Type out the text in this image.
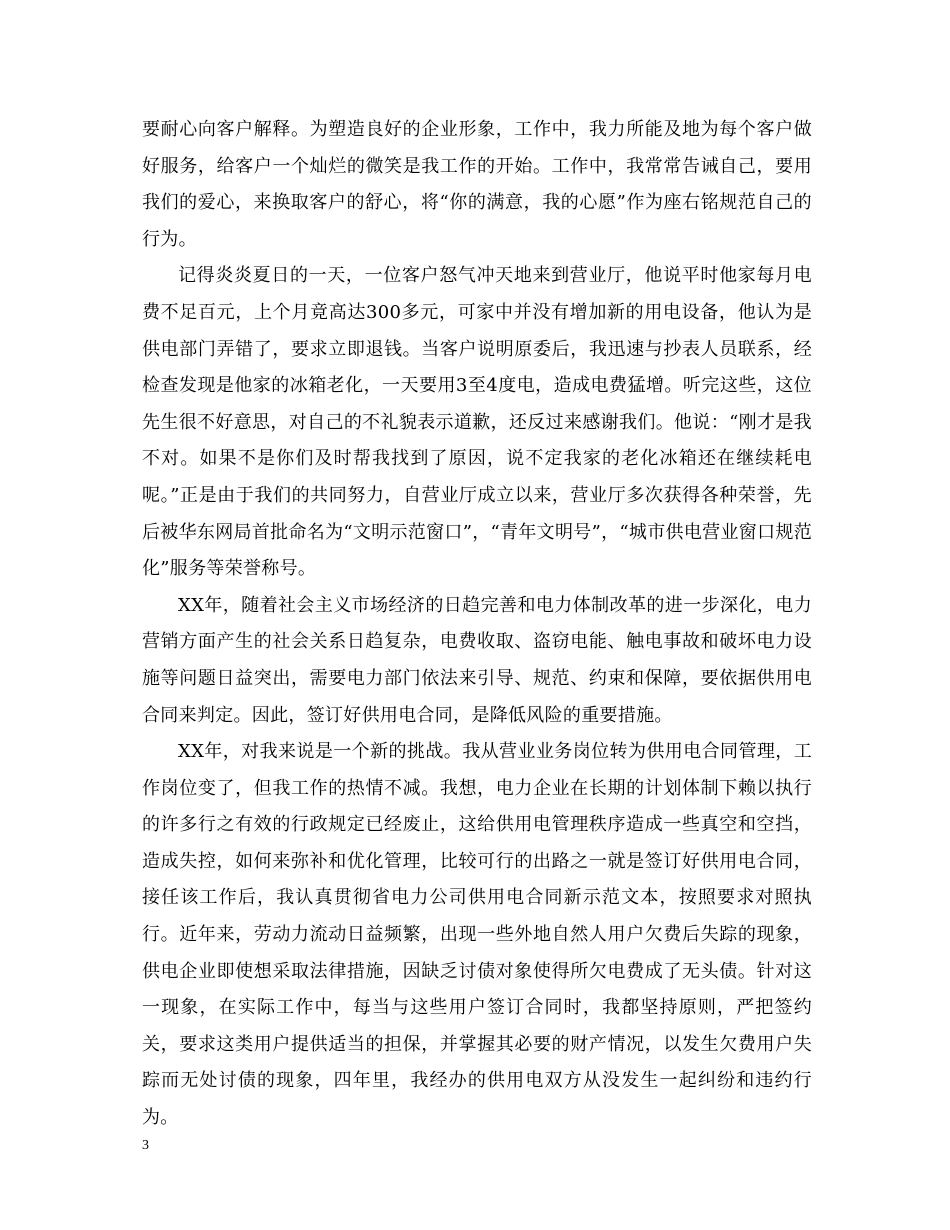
要耐心向客户解释。为塑造良好的企业形象，工作中，我力所能及地为每个客户做好服务，给客户一个灿烂的微笑是我工作的开始。工作中，我常常告诫自己，要用我们的爱心，来换取客户的舒心，将“你的满意，我的心愿”作为座右铭规范自己的行为。

记得炎炎夏日的一天，一位客户怒气冲天地来到营业厅，他说平时他家每月电费不足百元，上个月竟高达300多元，可家中并没有增加新的用电设备，他认为是供电部门弄错了，要求立即退钱。当客户说明原委后，我迅速与抄表人员联系，经检查发现是他家的冰箱老化，一天要用3至4度电，造成电费猛增。听完这些，这位先生很不好意思，对自己的不礼貌表示道歉，还反过来感谢我们。他说：“刚才是我不对。如果不是你们及时帮我找到了原因，说不定我家的老化冰箱还在继续耗电呢。”正是由于我们的共同努力，自营业厅成立以来，营业厅多次获得各种荣誉，先后被华东网局首批命名为“文明示范窗口”，“青年文明号”，“城市供电营业窗口规范化”服务等荣誉称号。

XX年，随着社会主义市场经济的日趋完善和电力体制改革的进一步深化，电力营销方面产生的社会关系日趋复杂，电费收取、盗窃电能、触电事故和破坏电力设施等问题日益突出，需要电力部门依法来引导、规范、约束和保障，要依据供用电合同来判定。因此，签订好供用电合同，是降低风险的重要措施。

XX年，对我来说是一个新的挑战。我从营业业务岗位转为供用电合同管理，工作岗位变了，但我工作的热情不减。我想，电力企业在长期的计划体制下赖以执行的许多行之有效的行政规定已经废止，这给供用电管理秩序造成一些真空和空挡，造成失控，如何来弥补和优化管理，比较可行的出路之一就是签订好供用电合同，接任该工作后，我认真贯彻省电力公司供用电合同新示范文本，按照要求对照执行。近年来，劳动力流动日益频繁，出现一些外地自然人用户欠费后失踪的现象，供电企业即使想采取法律措施，因缺乏讨债对象使得所欠电费成了无头债。针对这一现象，在实际工作中，每当与这些用户签订合同时，我都坚持原则，严把签约关，要求这类用户提供适当的担保，并掌握其必要的财产情况，以发生欠费用户失踪而无处讨债的现象，四年里，我经办的供用电双方从没发生一起纠纷和违约行为。

3
